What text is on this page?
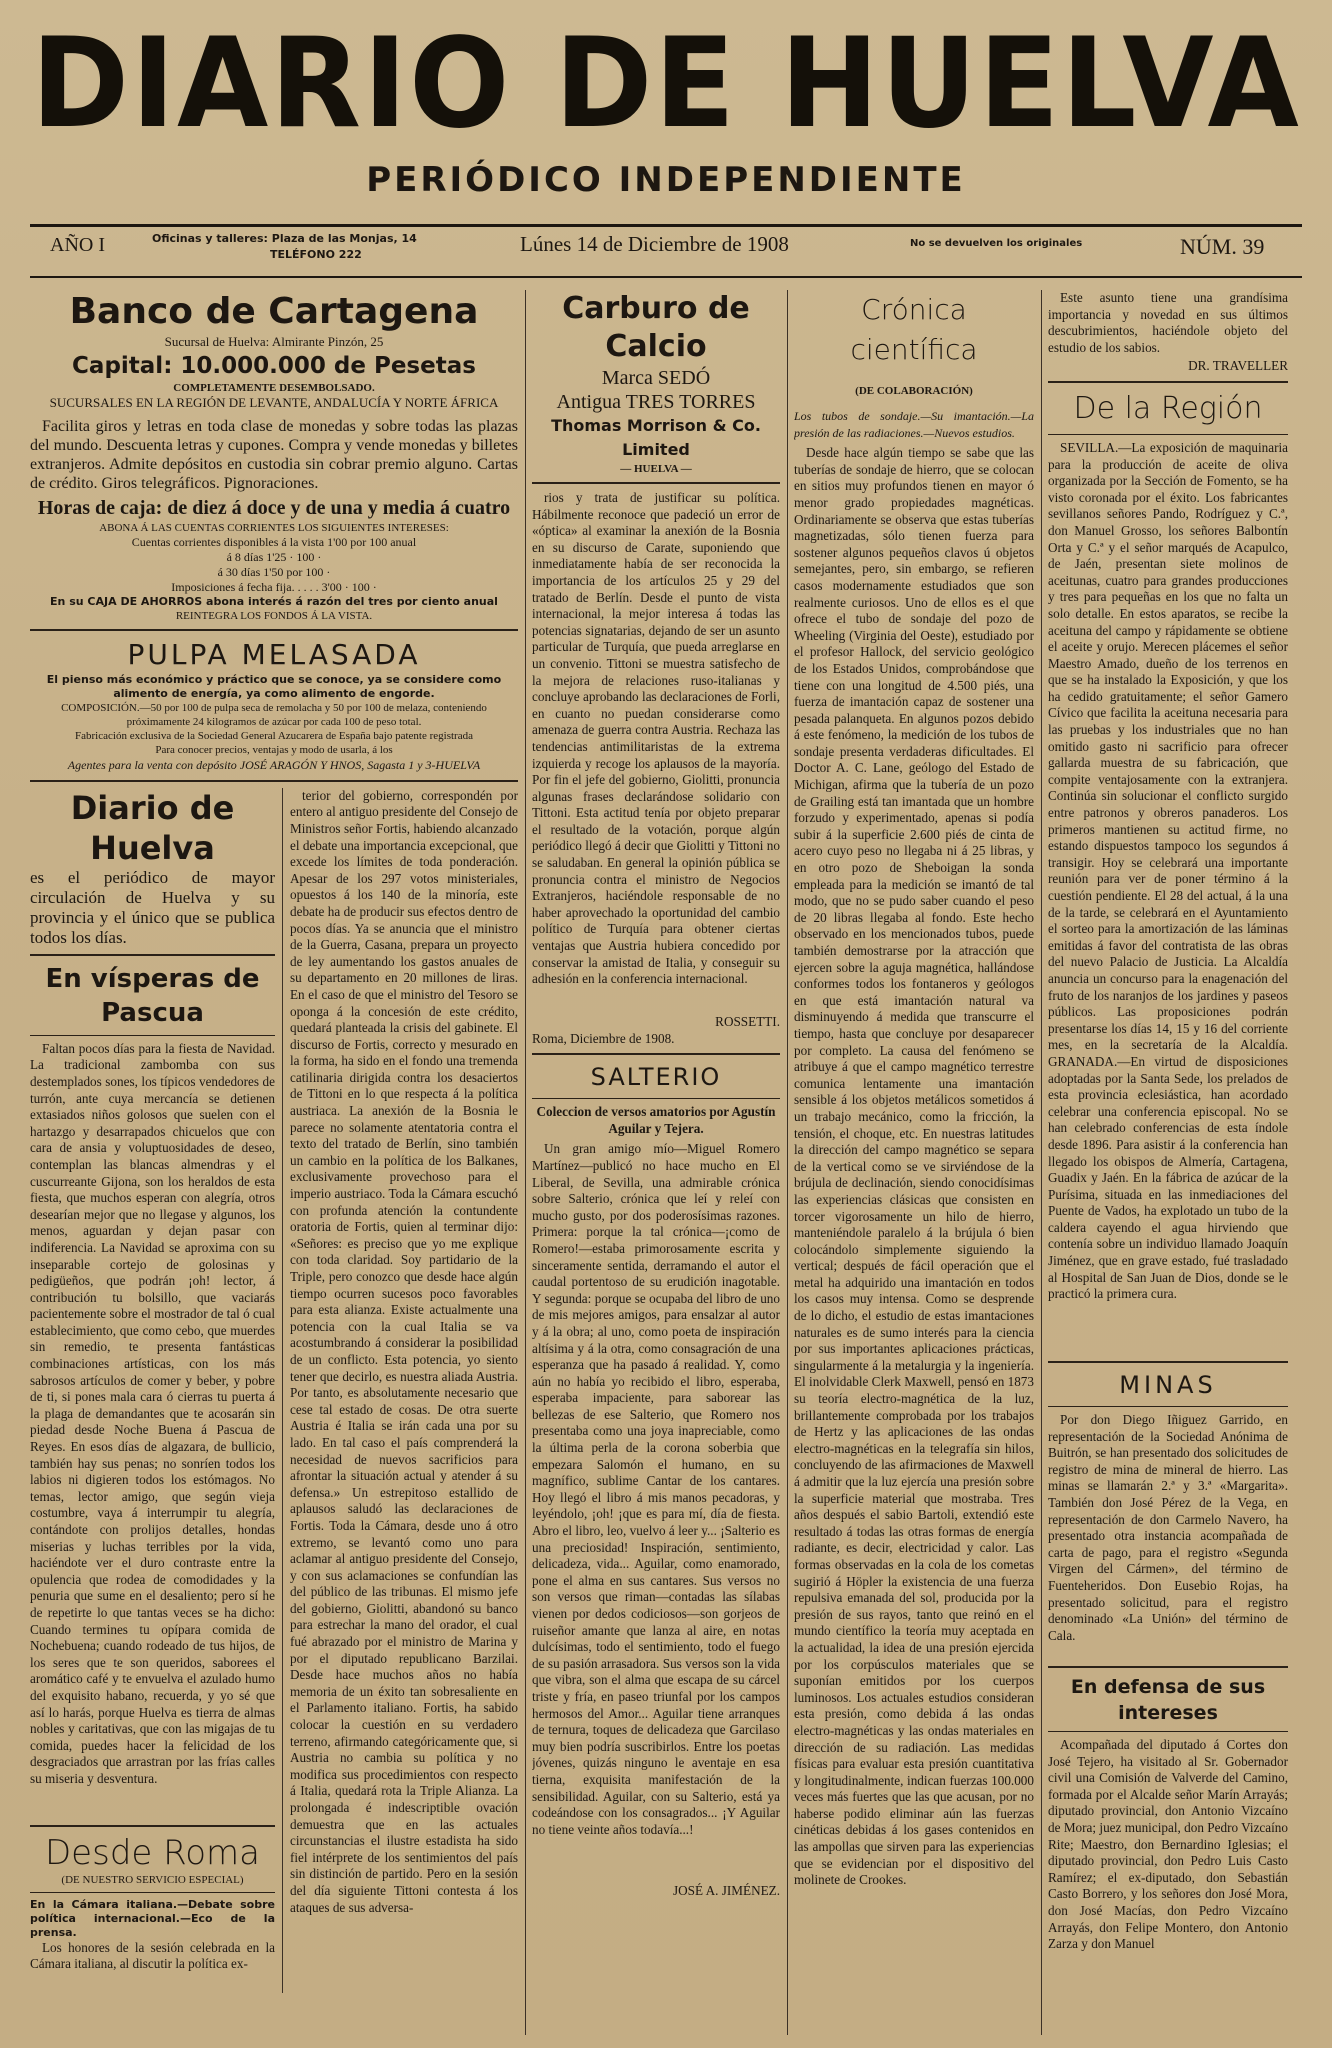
DIARIO DE HUELVA
PERIÓDICO INDEPENDIENTE
AÑO I	Oficinas y talleres: Plaza de las Monjas, 14
TELÉFONO 222	Lúnes 14 de Diciembre de 1908	No se devuelven los originales	NÚM. 39
Banco de Cartagena
Sucursal de Huelva: Almirante Pinzón, 25
Capital: 10.000.000 de Pesetas
COMPLETAMENTE DESEMBOLSADO.
SUCURSALES EN LA REGIÓN DE LEVANTE, ANDALUCÍA Y NORTE ÁFRICA

Facilita giros y letras en toda clase de monedas y sobre todas las plazas del mundo. Descuenta letras y cupones. Compra y vende monedas y billetes extranjeros. Admite depósitos en custodia sin cobrar premio alguno. Cartas de crédito. Giros telegráficos. Pignoraciones.

Horas de caja: de diez á doce y de una y media á cuatro
ABONA Á LAS CUENTAS CORRIENTES LOS SIGUIENTES INTERESES:
Cuentas corrientes disponibles á la vista 1'00 por 100 anual
á 8 días 1'25 · 100 ·
á 30 días 1'50 por 100 ·
Imposiciones á fecha fija. . . . . 3'00 · 100 ·
En su CAJA DE AHORROS abona interés á razón del tres por ciento anual
REINTEGRA LOS FONDOS Á LA VISTA.
PULPA MELASADA
El pienso más económico y práctico que se conoce, ya se considere como alimento de energía, ya como alimento de engorde.
COMPOSICIÓN.—50 por 100 de pulpa seca de remolacha y 50 por 100 de melaza, conteniendo próximamente 24 kilogramos de azúcar por cada 100 de peso total.
Fabricación exclusiva de la Sociedad General Azucarera de España bajo patente registrada
Para conocer precios, ventajas y modo de usarla, á los
Agentes para la venta con depósito JOSÉ ARAGÓN Y HNOS, Sagasta 1 y 3-HUELVA
Diario de Huelva

es el periódico de mayor circulación de Huelva y su provincia y el único que se publica todos los días.

En vísperas de Pascua

Faltan pocos días para la fiesta de Navidad. La tradicional zambomba con sus destemplados sones, los típicos vendedores de turrón, ante cuya mercancía se detienen extasiados niños golosos que suelen con el hartazgo y desarrapados chicuelos que con cara de ansia y voluptuosidades de deseo, contemplan las blancas almendras y el cuscurreante Gijona, son los heraldos de esta fiesta, que muchos esperan con alegría, otros desearían mejor que no llegase y algunos, los menos, aguardan y dejan pasar con indiferencia. La Navidad se aproxima con su inseparable cortejo de golosinas y pedigüeños, que podrán ¡oh! lector, á contribución tu bolsillo, que vaciarás pacientemente sobre el mostrador de tal ó cual establecimiento, que como cebo, que muerdes sin remedio, te presenta fantásticas combinaciones artísticas, con los más sabrosos artículos de comer y beber, y pobre de ti, si pones mala cara ó cierras tu puerta á la plaga de demandantes que te acosarán sin piedad desde Noche Buena á Pascua de Reyes. En esos días de algazara, de bullicio, también hay sus penas; no sonríen todos los labios ni digieren todos los estómagos. No temas, lector amigo, que según vieja costumbre, vaya á interrumpir tu alegría, contándote con prolijos detalles, hondas miserias y luchas terribles por la vida, haciéndote ver el duro contraste entre la opulencia que rodea de comodidades y la penuria que sume en el desaliento; pero sí he de repetirte lo que tantas veces se ha dicho: Cuando termines tu opípara comida de Nochebuena; cuando rodeado de tus hijos, de los seres que te son queridos, saborees el aromático café y te envuelva el azulado humo del exquisito habano, recuerda, y yo sé que así lo harás, porque Huelva es tierra de almas nobles y caritativas, que con las migajas de tu comida, puedes hacer la felicidad de los desgraciados que arrastran por las frías calles su miseria y desventura.

Desde Roma
(DE NUESTRO SERVICIO ESPECIAL)
En la Cámara italiana.—Debate sobre política internacional.—Eco de la prensa.

Los honores de la sesión celebrada en la Cámara italiana, al discutir la política ex-

terior del gobierno, correspondén por entero al antiguo presidente del Consejo de Ministros señor Fortis, habiendo alcanzado el debate una importancia excepcional, que excede los límites de toda ponderación. Apesar de los 297 votos ministeriales, opuestos á los 140 de la minoría, este debate ha de producir sus efectos dentro de pocos días. Ya se anuncia que el ministro de la Guerra, Casana, prepara un proyecto de ley aumentando los gastos anuales de su departamento en 20 millones de liras. En el caso de que el ministro del Tesoro se oponga á la concesión de este crédito, quedará planteada la crisis del gabinete. El discurso de Fortis, correcto y mesurado en la forma, ha sido en el fondo una tremenda catilinaria dirigida contra los desaciertos de Tittoni en lo que respecta á la política austriaca. La anexión de la Bosnia le parece no solamente atentatoria contra el texto del tratado de Berlín, sino también un cambio en la política de los Balkanes, exclusivamente provechoso para el imperio austriaco. Toda la Cámara escuchó con profunda atención la contundente oratoria de Fortis, quien al terminar dijo: «Señores: es preciso que yo me explique con toda claridad. Soy partidario de la Triple, pero conozco que desde hace algún tiempo ocurren sucesos poco favorables para esta alianza. Existe actualmente una potencia con la cual Italia se va acostumbrando á considerar la posibilidad de un conflicto. Esta potencia, yo siento tener que decirlo, es nuestra aliada Austria. Por tanto, es absolutamente necesario que cese tal estado de cosas. De otra suerte Austria é Italia se irán cada una por su lado. En tal caso el país comprenderá la necesidad de nuevos sacrificios para afrontar la situación actual y atender á su defensa.» Un estrepitoso estallido de aplausos saludó las declaraciones de Fortis. Toda la Cámara, desde uno á otro extremo, se levantó como uno para aclamar al antiguo presidente del Consejo, y con sus aclamaciones se confundían las del público de las tribunas. El mismo jefe del gobierno, Giolitti, abandonó su banco para estrechar la mano del orador, el cual fué abrazado por el ministro de Marina y por el diputado republicano Barzilai. Desde hace muchos años no había memoria de un éxito tan sobresaliente en el Parlamento italiano. Fortis, ha sabido colocar la cuestión en su verdadero terreno, afirmando categóricamente que, si Austria no cambia su política y no modifica sus procedimientos con respecto á Italia, quedará rota la Triple Alianza. La prolongada é indescriptible ovación demuestra que en las actuales circunstancias el ilustre estadista ha sido fiel intérprete de los sentimientos del país sin distinción de partido. Pero en la sesión del día siguiente Tittoni contesta á los ataques de sus adversa-

Carburo de Calcio
Marca SEDÓ
Antigua TRES TORRES
Thomas Morrison & Co. Limited
— HUELVA —

rios y trata de justificar su política. Hábilmente reconoce que padeció un error de «óptica» al examinar la anexión de la Bosnia en su discurso de Carate, suponiendo que inmediatamente había de ser reconocida la importancia de los artículos 25 y 29 del tratado de Berlín. Desde el punto de vista internacional, la mejor interesa á todas las potencias signatarias, dejando de ser un asunto particular de Turquía, que pueda arreglarse en un convenio. Tittoni se muestra satisfecho de la mejora de relaciones ruso-italianas y concluye aprobando las declaraciones de Forli, en cuanto no puedan considerarse como amenaza de guerra contra Austria. Rechaza las tendencias antimilitaristas de la extrema izquierda y recoge los aplausos de la mayoría. Por fin el jefe del gobierno, Giolitti, pronuncia algunas frases declarándose solidario con Tittoni. Esta actitud tenía por objeto preparar el resultado de la votación, porque algún periódico llegó á decir que Giolitti y Tittoni no se saludaban. En general la opinión pública se pronuncia contra el ministro de Negocios Extranjeros, haciéndole responsable de no haber aprovechado la oportunidad del cambio político de Turquía para obtener ciertas ventajas que Austria hubiera concedido por conservar la amistad de Italia, y conseguir su adhesión en la conferencia internacional.

ROSSETTI.
Roma, Diciembre de 1908.
SALTERIO
Coleccion de versos amatorios por Agustín Aguilar y Tejera.

Un gran amigo mío—Miguel Romero Martínez—publicó no hace mucho en El Liberal, de Sevilla, una admirable crónica sobre Salterio, crónica que leí y releí con mucho gusto, por dos poderosísimas razones. Primera: porque la tal crónica—¡como de Romero!—estaba primorosamente escrita y sinceramente sentida, derramando el autor el caudal portentoso de su erudición inagotable. Y segunda: porque se ocupaba del libro de uno de mis mejores amigos, para ensalzar al autor y á la obra; al uno, como poeta de inspiración altísima y á la otra, como consagración de una esperanza que ha pasado á realidad. Y, como aún no había yo recibido el libro, esperaba, esperaba impaciente, para saborear las bellezas de ese Salterio, que Romero nos presentaba como una joya inapreciable, como la última perla de la corona soberbia que empezara Salomón el humano, en su magnífico, sublime Cantar de los cantares. Hoy llegó el libro á mis manos pecadoras, y leyéndolo, ¡oh! ¡que es para mí, día de fiesta. Abro el libro, leo, vuelvo á leer y... ¡Salterio es una preciosidad! Inspiración, sentimiento, delicadeza, vida... Aguilar, como enamorado, pone el alma en sus cantares. Sus versos no son versos que riman—contadas las sílabas vienen por dedos codiciosos—son gorjeos de ruiseñor amante que lanza al aire, en notas dulcísimas, todo el sentimiento, todo el fuego de su pasión arrasadora. Sus versos son la vida que vibra, son el alma que escapa de su cárcel triste y fría, en paseo triunfal por los campos hermosos del Amor... Aguilar tiene arranques de ternura, toques de delicadeza que Garcilaso muy bien podría suscribirlos. Entre los poetas jóvenes, quizás ninguno le aventaje en esa tierna, exquisita manifestación de la sensibilidad. Aguilar, con su Salterio, está ya codeándose con los consagrados... ¡Y Aguilar no tiene veinte años todavía...!

JOSÉ A. JIMÉNEZ.
Crónica científica
(DE COLABORACIÓN)
Los tubos de sondaje.—Su imantación.—La presión de las radiaciones.—Nuevos estudios.

Desde hace algún tiempo se sabe que las tuberías de sondaje de hierro, que se colocan en sitios muy profundos tienen en mayor ó menor grado propiedades magnéticas. Ordinariamente se observa que estas tuberías magnetizadas, sólo tienen fuerza para sostener algunos pequeños clavos ú objetos semejantes, pero, sin embargo, se refieren casos modernamente estudiados que son realmente curiosos. Uno de ellos es el que ofrece el tubo de sondaje del pozo de Wheeling (Virginia del Oeste), estudiado por el profesor Hallock, del servicio geológico de los Estados Unidos, comprobándose que tiene con una longitud de 4.500 piés, una fuerza de imantación capaz de sostener una pesada palanqueta. En algunos pozos debido á este fenómeno, la medición de los tubos de sondaje presenta verdaderas dificultades. El Doctor A. C. Lane, geólogo del Estado de Michigan, afirma que la tubería de un pozo de Grailing está tan imantada que un hombre forzudo y experimentado, apenas si podía subir á la superficie 2.600 piés de cinta de acero cuyo peso no llegaba ni á 25 libras, y en otro pozo de Sheboigan la sonda empleada para la medición se imantó de tal modo, que no se pudo saber cuando el peso de 20 libras llegaba al fondo. Este hecho observado en los mencionados tubos, puede también demostrarse por la atracción que ejercen sobre la aguja magnética, hallándose conformes todos los fontaneros y geólogos en que está imantación natural va disminuyendo á medida que transcurre el tiempo, hasta que concluye por desaparecer por completo. La causa del fenómeno se atribuye á que el campo magnético terrestre comunica lentamente una imantación sensible á los objetos metálicos sometidos á un trabajo mecánico, como la fricción, la tensión, el choque, etc. En nuestras latitudes la dirección del campo magnético se separa de la vertical como se ve sirviéndose de la brújula de declinación, siendo conocidísimas las experiencias clásicas que consisten en torcer vigorosamente un hilo de hierro, manteniéndole paralelo á la brújula ó bien colocándolo simplemente siguiendo la vertical; después de fácil operación que el metal ha adquirido una imantación en todos los casos muy intensa. Como se desprende de lo dicho, el estudio de estas imantaciones naturales es de sumo interés para la ciencia por sus importantes aplicaciones prácticas, singularmente á la metalurgia y la ingeniería. El inolvidable Clerk Maxwell, pensó en 1873 su teoría electro-magnética de la luz, brillantemente comprobada por los trabajos de Hertz y las aplicaciones de las ondas electro-magnéticas en la telegrafía sin hilos, concluyendo de las afirmaciones de Maxwell á admitir que la luz ejercía una presión sobre la superficie material que mostraba. Tres años después el sabio Bartoli, extendió este resultado á todas las otras formas de energía radiante, es decir, electricidad y calor. Las formas observadas en la cola de los cometas sugirió á Höpler la existencia de una fuerza repulsiva emanada del sol, producida por la presión de sus rayos, tanto que reinó en el mundo científico la teoría muy aceptada en la actualidad, la idea de una presión ejercida por los corpúsculos materiales que se suponían emitidos por los cuerpos luminosos. Los actuales estudios consideran esta presión, como debida á las ondas electro-magnéticas y las ondas materiales en dirección de su radiación. Las medidas físicas para evaluar esta presión cuantitativa y longitudinalmente, indican fuerzas 100.000 veces más fuertes que las que acusan, por no haberse podido eliminar aún las fuerzas cinéticas debidas á los gases contenidos en las ampollas que sirven para las experiencias que se evidencian por el dispositivo del molinete de Crookes.

Este asunto tiene una grandísima importancia y novedad en sus últimos descubrimientos, haciéndole objeto del estudio de los sabios.

DR. TRAVELLER
De la Región

SEVILLA.—La exposición de maquinaria para la producción de aceite de oliva organizada por la Sección de Fomento, se ha visto coronada por el éxito. Los fabricantes sevillanos señores Pando, Rodríguez y C.ª, don Manuel Grosso, los señores Balbontín Orta y C.ª y el señor marqués de Acapulco, de Jaén, presentan siete molinos de aceitunas, cuatro para grandes producciones y tres para pequeñas en los que no falta un solo detalle. En estos aparatos, se recibe la aceituna del campo y rápidamente se obtiene el aceite y orujo. Merecen plácemes el señor Maestro Amado, dueño de los terrenos en que se ha instalado la Exposición, y que los ha cedido gratuitamente; el señor Gamero Cívico que facilita la aceituna necesaria para las pruebas y los industriales que no han omitido gasto ni sacrificio para ofrecer gallarda muestra de su fabricación, que compite ventajosamente con la extranjera. Continúa sin solucionar el conflicto surgido entre patronos y obreros panaderos. Los primeros mantienen su actitud firme, no estando dispuestos tampoco los segundos á transigir. Hoy se celebrará una importante reunión para ver de poner término á la cuestión pendiente. El 28 del actual, á la una de la tarde, se celebrará en el Ayuntamiento el sorteo para la amortización de las láminas emitidas á favor del contratista de las obras del nuevo Palacio de Justicia. La Alcaldía anuncia un concurso para la enagenación del fruto de los naranjos de los jardines y paseos públicos. Las proposiciones podrán presentarse los días 14, 15 y 16 del corriente mes, en la secretaría de la Alcaldía. GRANADA.—En virtud de disposiciones adoptadas por la Santa Sede, los prelados de esta provincia eclesiástica, han acordado celebrar una conferencia episcopal. No se han celebrado conferencias de esta índole desde 1896. Para asistir á la conferencia han llegado los obispos de Almería, Cartagena, Guadix y Jaén. En la fábrica de azúcar de la Purísima, situada en las inmediaciones del Puente de Vados, ha explotado un tubo de la caldera cayendo el agua hirviendo que contenía sobre un individuo llamado Joaquín Jiménez, que en grave estado, fué trasladado al Hospital de San Juan de Dios, donde se le practicó la primera cura.

MINAS

Por don Diego Iñiguez Garrido, en representación de la Sociedad Anónima de Buitrón, se han presentado dos solicitudes de registro de mina de mineral de hierro. Las minas se llamarán 2.ª y 3.ª «Margarita». También don José Pérez de la Vega, en representación de don Carmelo Navero, ha presentado otra instancia acompañada de carta de pago, para el registro «Segunda Virgen del Cármen», del término de Fuenteheridos. Don Eusebio Rojas, ha presentado solicitud, para el registro denominado «La Unión» del término de Cala.

En defensa de sus intereses

Acompañada del diputado á Cortes don José Tejero, ha visitado al Sr. Gobernador civil una Comisión de Valverde del Camino, formada por el Alcalde señor Marín Arrayás; diputado provincial, don Antonio Vizcaíno de Mora; juez municipal, don Pedro Vizcaíno Rite; Maestro, don Bernardino Iglesias; el diputado provincial, don Pedro Luis Casto Ramírez; el ex-diputado, don Sebastián Casto Borrero, y los señores don José Mora, don José Macías, don Pedro Vizcaíno Arrayás, don Felipe Montero, don Antonio Zarza y don Manuel
